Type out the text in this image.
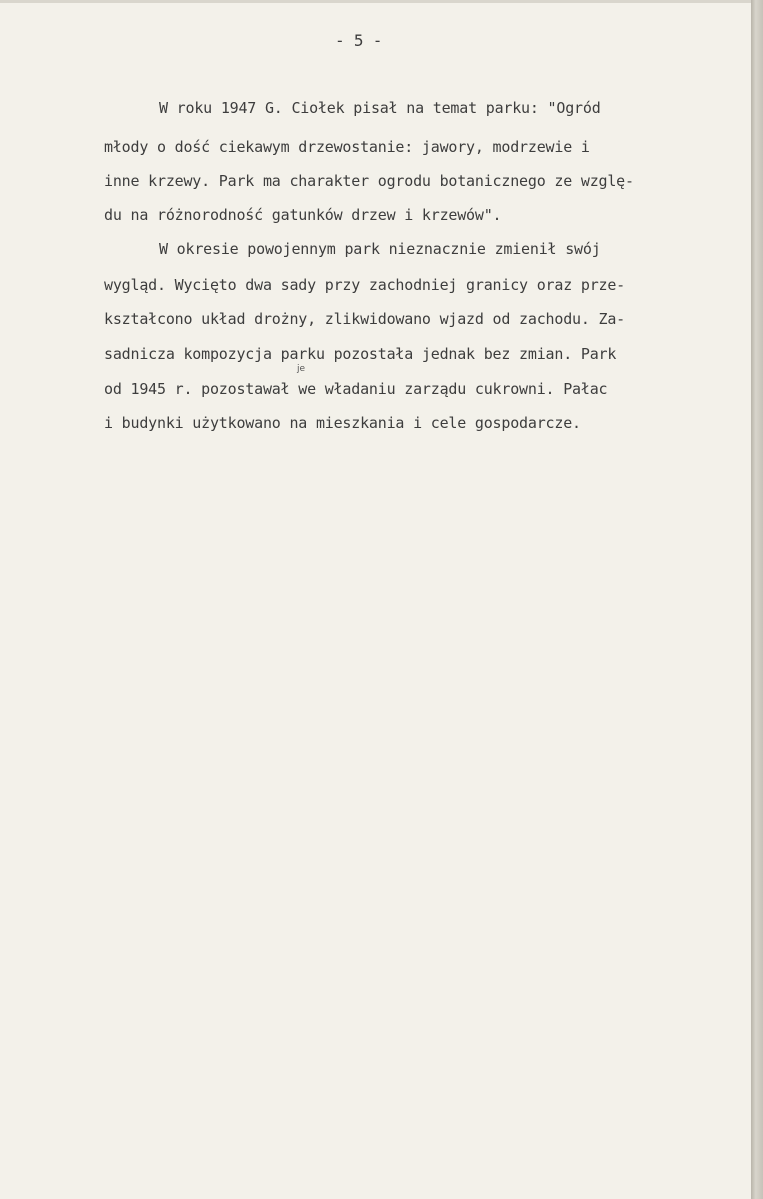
- 5 -

W roku 1947 G. Ciołek pisał na temat parku: "Ogród

młody o dość ciekawym drzewostanie: jawory, modrzewie i

inne krzewy. Park ma charakter ogrodu botanicznego ze wzglę-

du na różnorodność gatunków drzew i krzewów".

W okresie powojennym park nieznacznie zmienił swój

wygląd. Wycięto dwa sady przy zachodniej granicy oraz prze-

kształcono układ drożny, zlikwidowano wjazd od zachodu. Za-

sadnicza kompozycja parku pozostała jednak bez zmian. Park

od 1945 r. pozostawał we władaniu zarządu cukrowni. Pałac

i budynki użytkowano na mieszkania i cele gospodarcze.

je
